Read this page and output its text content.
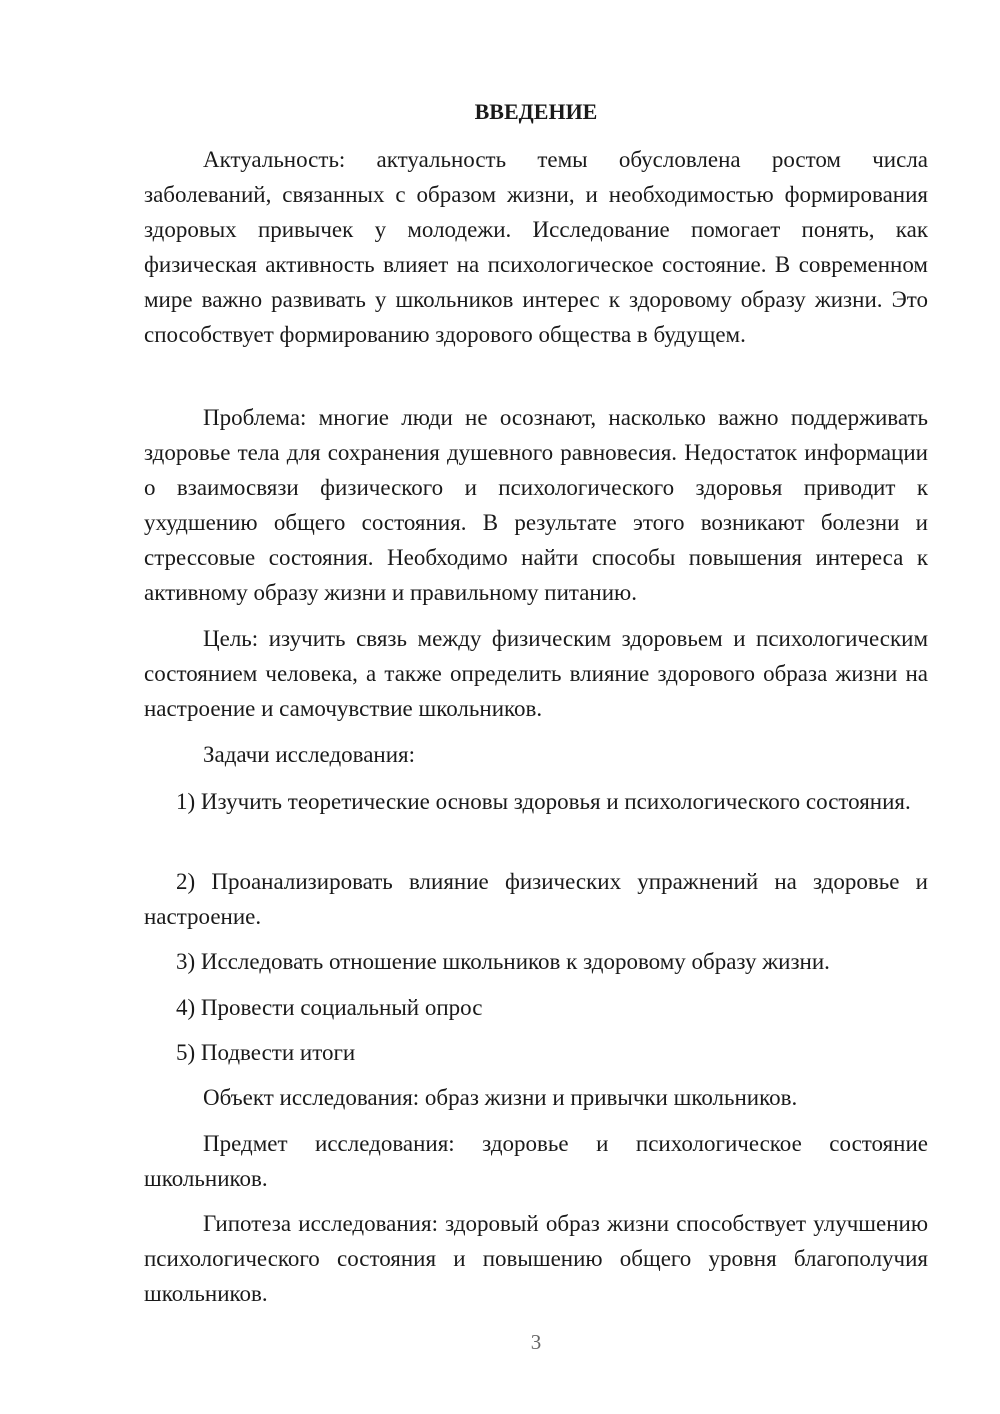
ВВЕДЕНИЕ
Актуальность: актуальность темы обусловлена ростом числа заболеваний, связанных с образом жизни, и необходимостью формирования здоровых привычек у молодежи. Исследование помогает понять, как физическая активность влияет на психологическое состояние. В современном мире важно развивать у школьников интерес к здоровому образу жизни. Это способствует формированию здорового общества в будущем.
Проблема: многие люди не осознают, насколько важно поддерживать здоровье тела для сохранения душевного равновесия. Недостаток информации о взаимосвязи физического и психологического здоровья приводит к ухудшению общего состояния. В результате этого возникают болезни и стрессовые состояния. Необходимо найти способы повышения интереса к активному образу жизни и правильному питанию.
Цель: изучить связь между физическим здоровьем и психологическим состоянием человека, а также определить влияние здорового образа жизни на настроение и самочувствие школьников.
Задачи исследования:
1) Изучить теоретические основы здоровья и психологического состояния.
2) Проанализировать влияние физических упражнений на здоровье и настроение.
3) Исследовать отношение школьников к здоровому образу жизни.
4) Провести социальный опрос
5) Подвести итоги
Объект исследования: образ жизни и привычки школьников.
Предмет исследования: здоровье и психологическое состояние школьников.
Гипотеза исследования: здоровый образ жизни способствует улучшению психологического состояния и повышению общего уровня благополучия школьников.
3
